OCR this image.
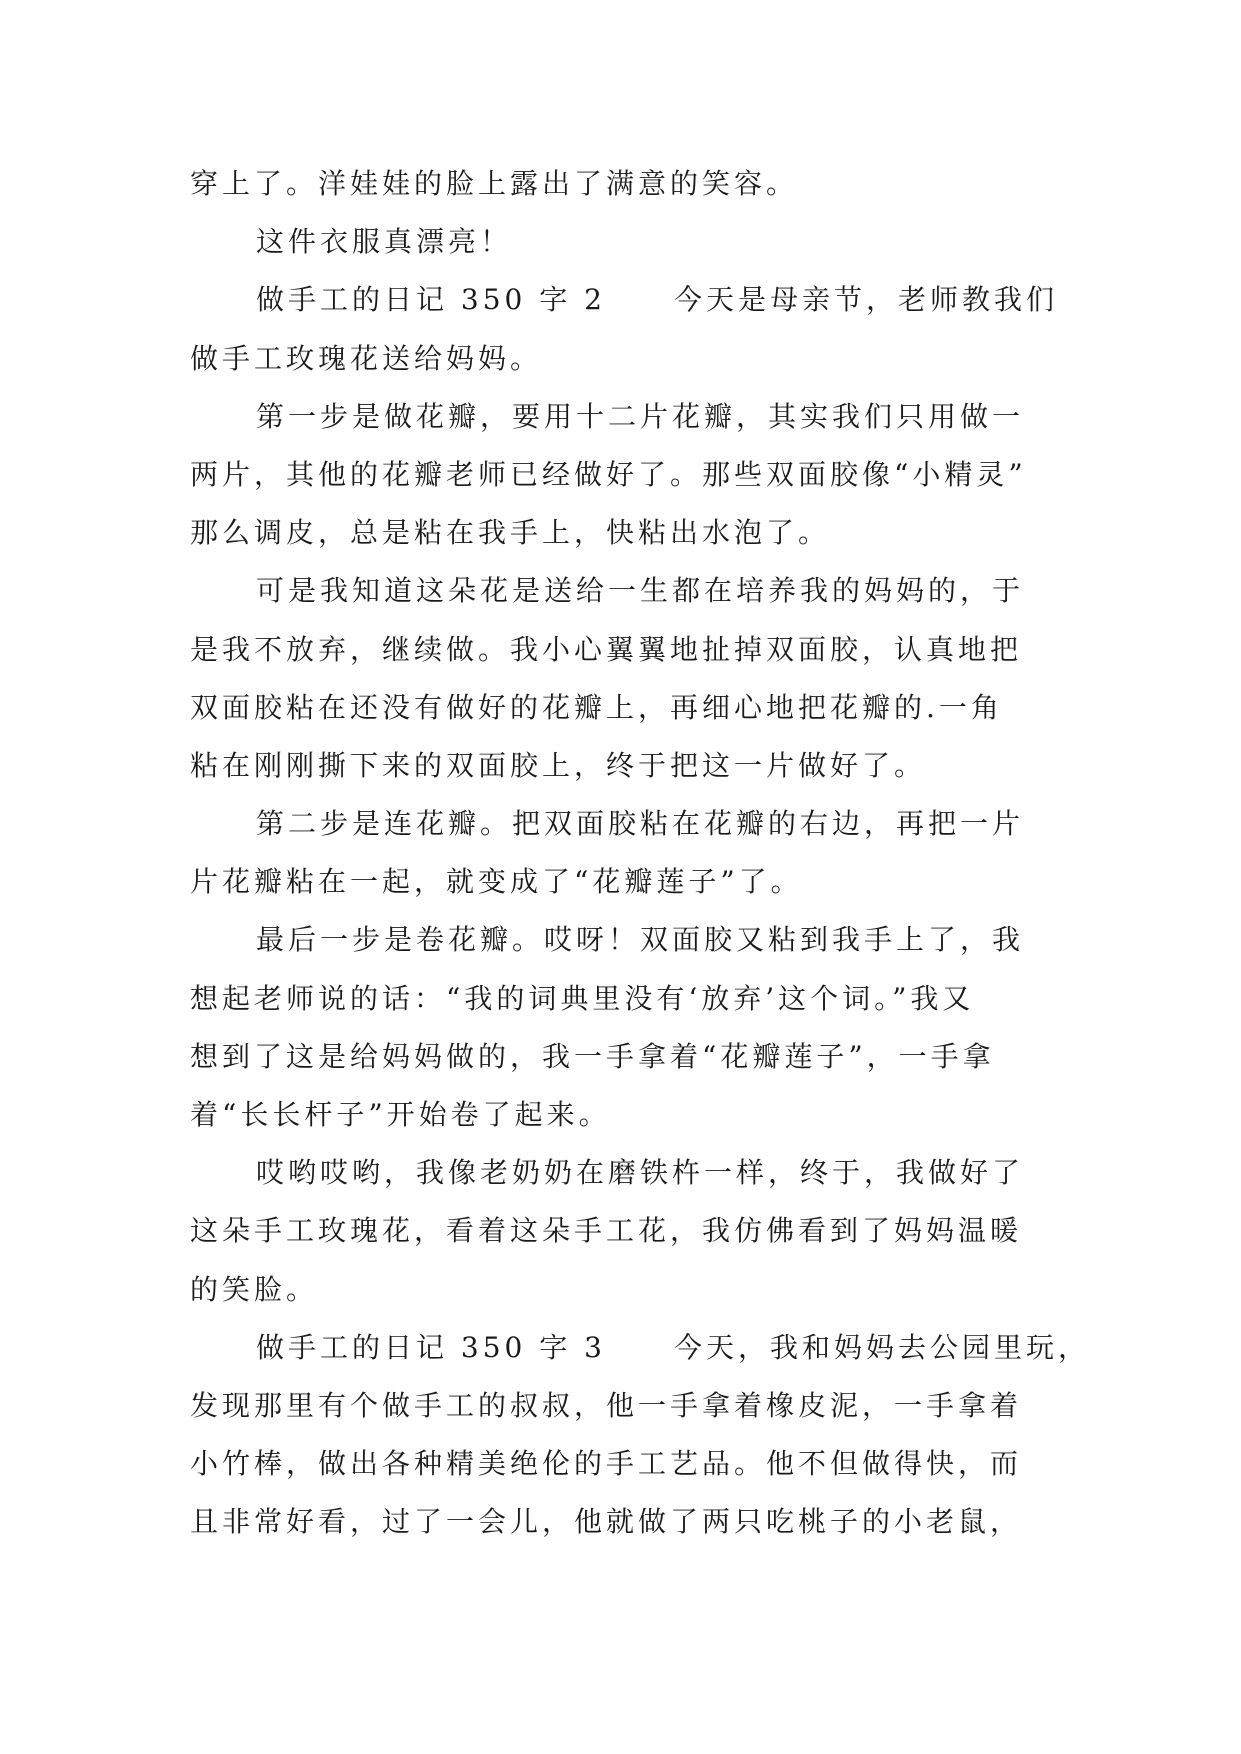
穿上了。洋娃娃的脸上露出了满意的笑容。
这件衣服真漂亮！
做手工的日记 350 字 2 今天是母亲节，老师教我们
做手工玫瑰花送给妈妈。
第一步是做花瓣，要用十二片花瓣，其实我们只用做一
两片，其他的花瓣老师已经做好了。那些双面胶像“小精灵”
那么调皮，总是粘在我手上，快粘出水泡了。
可是我知道这朵花是送给一生都在培养我的妈妈的，于
是我不放弃，继续做。我小心翼翼地扯掉双面胶，认真地把
双面胶粘在还没有做好的花瓣上，再细心地把花瓣的.一角
粘在刚刚撕下来的双面胶上，终于把这一片做好了。
第二步是连花瓣。把双面胶粘在花瓣的右边，再把一片
片花瓣粘在一起，就变成了“花瓣莲子”了。
最后一步是卷花瓣。哎呀！双面胶又粘到我手上了，我
想起老师说的话：“我的词典里没有‘放弃’这个词。”我又
想到了这是给妈妈做的，我一手拿着“花瓣莲子”，一手拿
着“长长杆子”开始卷了起来。
哎哟哎哟，我像老奶奶在磨铁杵一样，终于，我做好了
这朵手工玫瑰花，看着这朵手工花，我仿佛看到了妈妈温暖
的笑脸。
做手工的日记 350 字 3 今天，我和妈妈去公园里玩，
发现那里有个做手工的叔叔，他一手拿着橡皮泥，一手拿着
小竹棒，做出各种精美绝伦的手工艺品。他不但做得快，而
且非常好看，过了一会儿，他就做了两只吃桃子的小老鼠，
